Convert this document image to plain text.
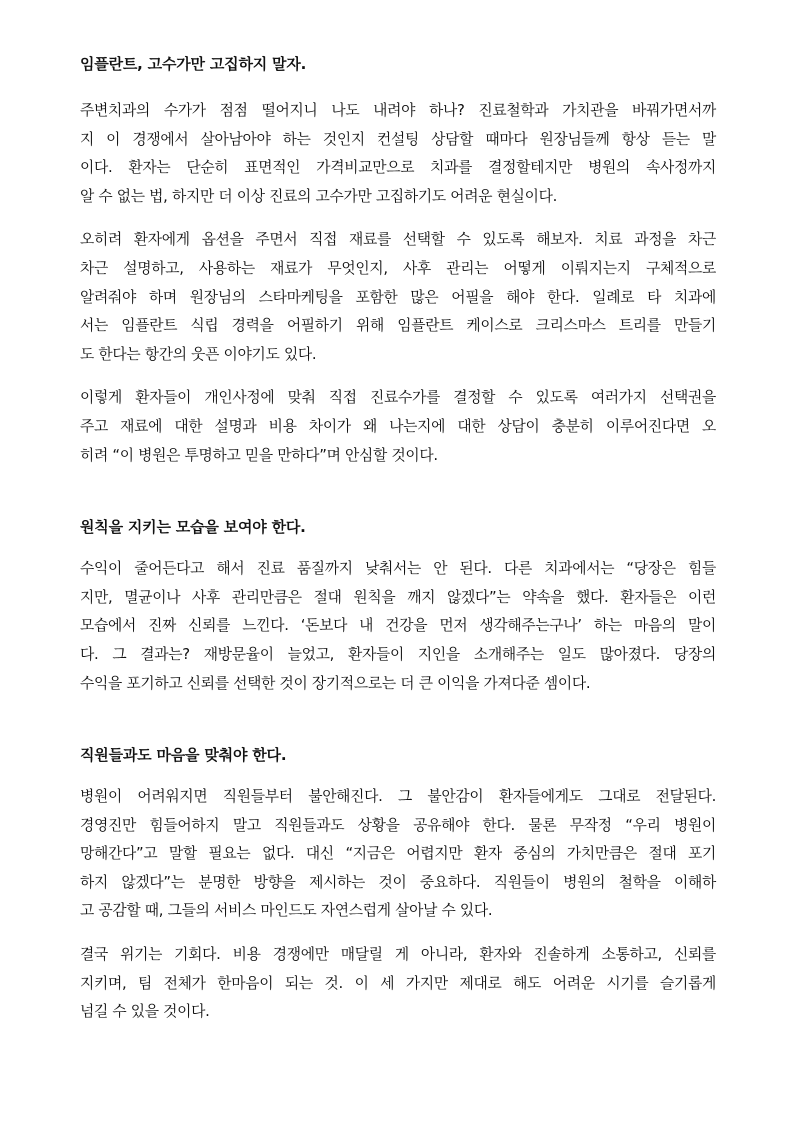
임플란트, 고수가만 고집하지 말자.

주변치과의 수가가 점점 떨어지니 나도 내려야 하나? 진료철학과 가치관을 바꿔가면서까
지 이 경쟁에서 살아남아야 하는 것인지 컨설팅 상담할 때마다 원장님들께 항상 듣는 말
이다. 환자는 단순히 표면적인 가격비교만으로 치과를 결정할테지만 병원의 속사정까지
알 수 없는 법, 하지만 더 이상 진료의 고수가만 고집하기도 어려운 현실이다.

오히려 환자에게 옵션을 주면서 직접 재료를 선택할 수 있도록 해보자. 치료 과정을 차근
차근 설명하고, 사용하는 재료가 무엇인지, 사후 관리는 어떻게 이뤄지는지 구체적으로
알려줘야 하며 원장님의 스타마케팅을 포함한 많은 어필을 해야 한다. 일례로 타 치과에
서는 임플란트 식립 경력을 어필하기 위해 임플란트 케이스로 크리스마스 트리를 만들기
도 한다는 항간의 웃픈 이야기도 있다.

이렇게 환자들이 개인사정에 맞춰 직접 진료수가를 결정할 수 있도록 여러가지 선택권을
주고 재료에 대한 설명과 비용 차이가 왜 나는지에 대한 상담이 충분히 이루어진다면 오
히려 “이 병원은 투명하고 믿을 만하다”며 안심할 것이다.

원칙을 지키는 모습을 보여야 한다.

수익이 줄어든다고 해서 진료 품질까지 낮춰서는 안 된다. 다른 치과에서는 “당장은 힘들
지만, 멸균이나 사후 관리만큼은 절대 원칙을 깨지 않겠다”는 약속을 했다. 환자들은 이런
모습에서 진짜 신뢰를 느낀다. ‘돈보다 내 건강을 먼저 생각해주는구나’ 하는 마음의 말이
다. 그 결과는? 재방문율이 늘었고, 환자들이 지인을 소개해주는 일도 많아졌다. 당장의
수익을 포기하고 신뢰를 선택한 것이 장기적으로는 더 큰 이익을 가져다준 셈이다.

직원들과도 마음을 맞춰야 한다.

병원이 어려워지면 직원들부터 불안해진다. 그 불안감이 환자들에게도 그대로 전달된다.
경영진만 힘들어하지 말고 직원들과도 상황을 공유해야 한다. 물론 무작정 “우리 병원이
망해간다”고 말할 필요는 없다. 대신 “지금은 어렵지만 환자 중심의 가치만큼은 절대 포기
하지 않겠다”는 분명한 방향을 제시하는 것이 중요하다. 직원들이 병원의 철학을 이해하
고 공감할 때, 그들의 서비스 마인드도 자연스럽게 살아날 수 있다.

결국 위기는 기회다. 비용 경쟁에만 매달릴 게 아니라, 환자와 진솔하게 소통하고, 신뢰를
지키며, 팀 전체가 한마음이 되는 것. 이 세 가지만 제대로 해도 어려운 시기를 슬기롭게
넘길 수 있을 것이다.
